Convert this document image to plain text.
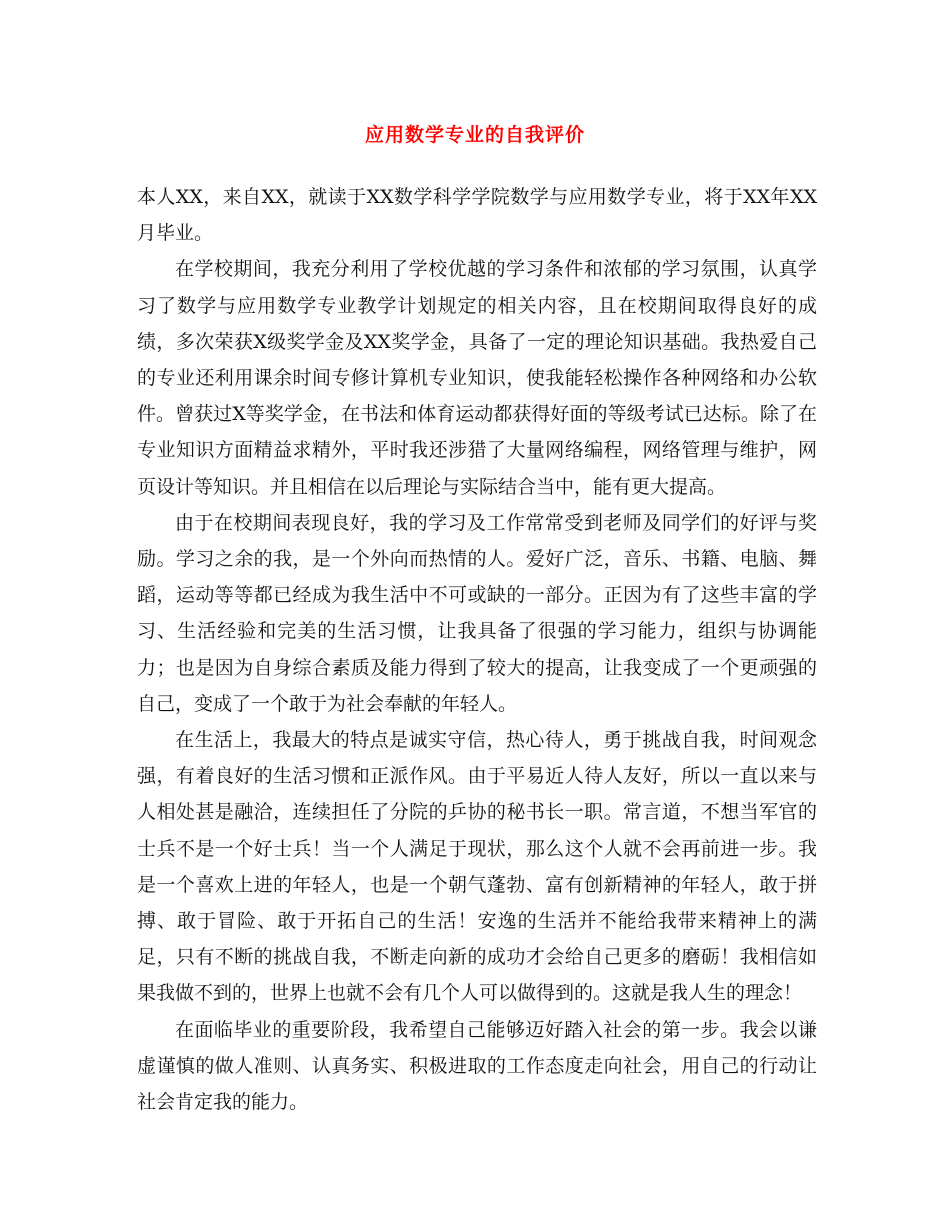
应用数学专业的自我评价

本人XX，来自XX，就读于XX数学科学学院数学与应用数学专业，将于XX年XX月毕业。

在学校期间，我充分利用了学校优越的学习条件和浓郁的学习氛围，认真学习了数学与应用数学专业教学计划规定的相关内容，且在校期间取得良好的成绩，多次荣获X级奖学金及XX奖学金，具备了一定的理论知识基础。我热爱自己的专业还利用课余时间专修计算机专业知识，使我能轻松操作各种网络和办公软件。曾获过X等奖学金，在书法和体育运动都获得好面的等级考试已达标。除了在专业知识方面精益求精外，平时我还涉猎了大量网络编程，网络管理与维护，网页设计等知识。并且相信在以后理论与实际结合当中，能有更大提高。

由于在校期间表现良好，我的学习及工作常常受到老师及同学们的好评与奖励。学习之余的我，是一个外向而热情的人。爱好广泛，音乐、书籍、电脑、舞蹈，运动等等都已经成为我生活中不可或缺的一部分。正因为有了这些丰富的学习、生活经验和完美的生活习惯，让我具备了很强的学习能力，组织与协调能力；也是因为自身综合素质及能力得到了较大的提高，让我变成了一个更顽强的自己，变成了一个敢于为社会奉献的年轻人。

在生活上，我最大的特点是诚实守信，热心待人，勇于挑战自我，时间观念强，有着良好的生活习惯和正派作风。由于平易近人待人友好，所以一直以来与人相处甚是融洽，连续担任了分院的乒协的秘书长一职。常言道，不想当军官的士兵不是一个好士兵！当一个人满足于现状，那么这个人就不会再前进一步。我是一个喜欢上进的年轻人，也是一个朝气蓬勃、富有创新精神的年轻人，敢于拼搏、敢于冒险、敢于开拓自己的生活！安逸的生活并不能给我带来精神上的满足，只有不断的挑战自我，不断走向新的成功才会给自己更多的磨砺！我相信如果我做不到的，世界上也就不会有几个人可以做得到的。这就是我人生的理念！

在面临毕业的重要阶段，我希望自己能够迈好踏入社会的第一步。我会以谦虚谨慎的做人准则、认真务实、积极进取的工作态度走向社会，用自己的行动让社会肯定我的能力。
